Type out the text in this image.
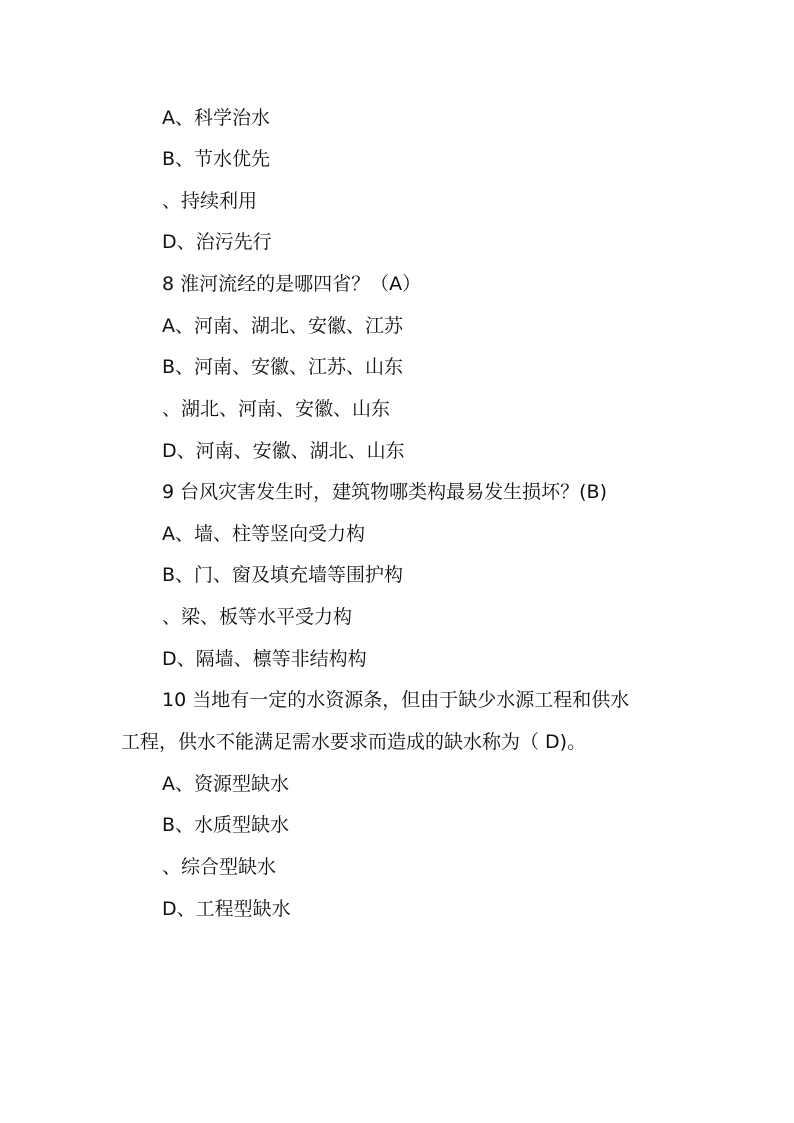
A、科学治水
B、节水优先
、持续利用
D、治污先行
8 淮河流经的是哪四省？（A）
A、河南、湖北、安徽、江苏
B、河南、安徽、江苏、山东
、湖北、河南、安徽、山东
D、河南、安徽、湖北、山东
9 台风灾害发生时，建筑物哪类构最易发生损坏？(B)
A、墙、柱等竖向受力构
B、门、窗及填充墙等围护构
、梁、板等水平受力构
D、隔墙、檩等非结构构
10 当地有一定的水资源条，但由于缺少水源工程和供水
工程，供水不能满足需水要求而造成的缺水称为（ D)。
A、资源型缺水
B、水质型缺水
、综合型缺水
D、工程型缺水
